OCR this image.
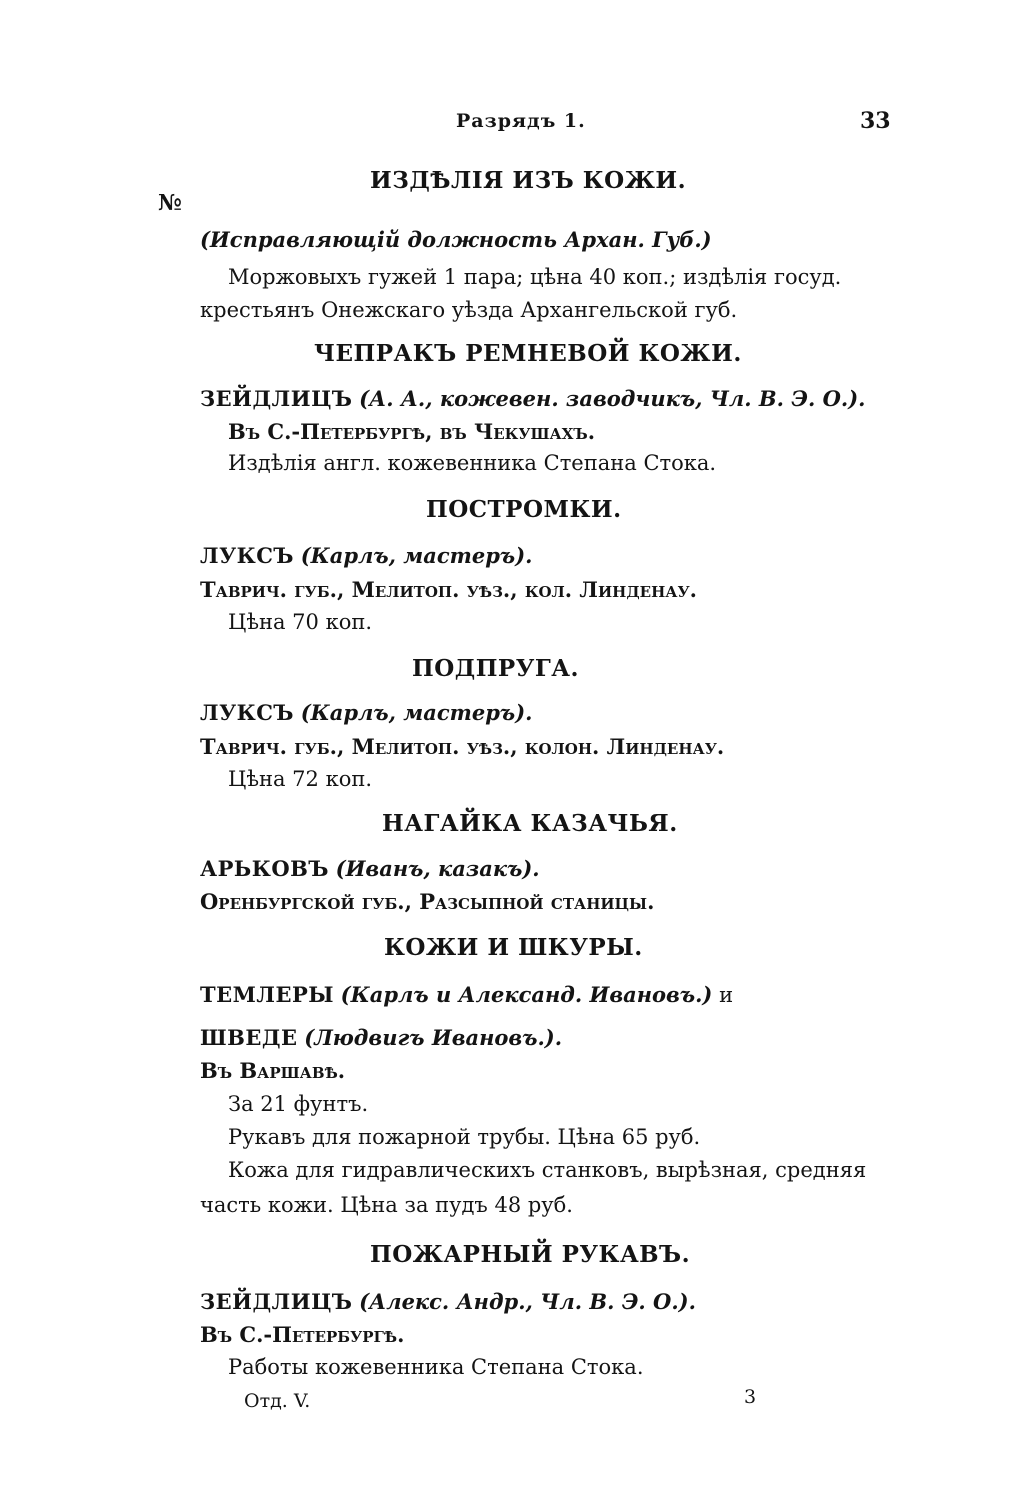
Разрядъ 1.	33
№
ИЗДѢЛІЯ ИЗЪ КОЖИ.
(Исправляющій должность Архан. Губ.)
Моржовыхъ гужей 1 пара; цѣна 40 коп.; издѣлія госуд.
крестьянъ Онежскаго уѣзда Архангельской губ.
ЧЕПРАКЪ РЕМНЕВОЙ КОЖИ.
ЗЕЙДЛИЦЪ (А. А., кожевен. заводчикъ, Чл. В. Э. О.).
Въ С.-Петербургѣ, въ Чекушахъ.
Издѣлія англ. кожевенника Степана Стока.
ПОСТРОМКИ.
ЛУКСЪ (Карлъ, мастеръ).
Таврич. губ., Мелитоп. уѣз., кол. Линденау.
Цѣна 70 коп.
ПОДПРУГА.
ЛУКСЪ (Карлъ, мастеръ).
Таврич. губ., Мелитоп. уѣз., колон. Линденау.
Цѣна 72 коп.
НАГАЙКА КАЗАЧЬЯ.
АРЬКОВЪ (Иванъ, казакъ).
Оренбургской губ., Разсыпной станицы.
КОЖИ И ШКУРЫ.
ТЕМЛЕРЫ (Карлъ и Александ. Ивановъ.) и
ШВЕДЕ (Людвигъ Ивановъ.).
Въ Варшавѣ.
За 21 фунтъ.
Рукавъ для пожарной трубы. Цѣна 65 руб.
Кожа для гидравлическихъ станковъ, вырѣзная, средняя
часть кожи. Цѣна за пудъ 48 руб.
ПОЖАРНЫЙ РУКАВЪ.
ЗЕЙДЛИЦЪ (Алекс. Андр., Чл. В. Э. О.).
Въ С.-Петербургѣ.
Работы кожевенника Степана Стока.
Отд. V.	3
